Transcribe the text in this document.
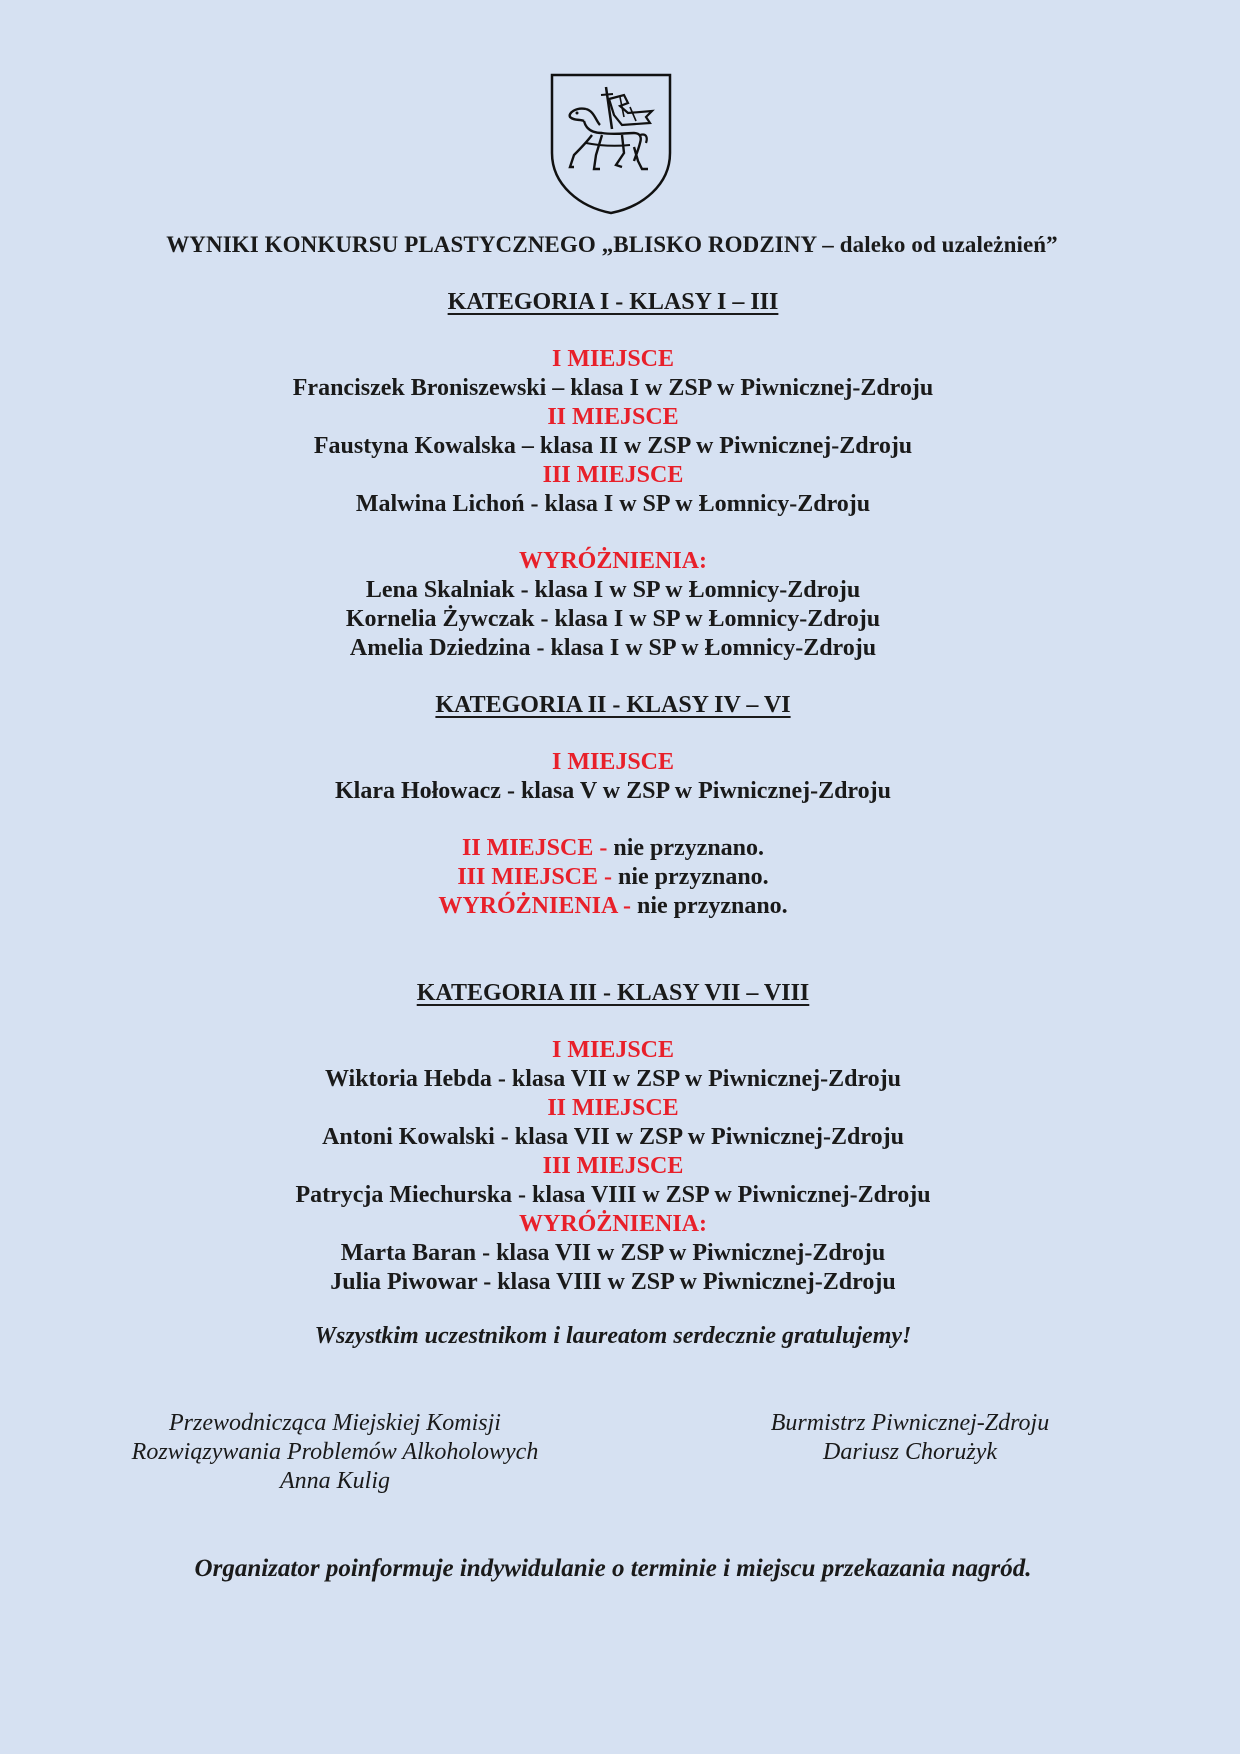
WYNIKI KONKURSU PLASTYCZNEGO „BLISKO RODZINY – daleko od uzależnień”
KATEGORIA I - KLASY I – III
I MIEJSCE
Franciszek Broniszewski – klasa I w ZSP w Piwnicznej-Zdroju
II MIEJSCE
Faustyna Kowalska – klasa II w ZSP w Piwnicznej-Zdroju
III MIEJSCE
Malwina Lichoń - klasa I w SP w Łomnicy-Zdroju
WYRÓŻNIENIA:
Lena Skalniak - klasa I w SP w Łomnicy-Zdroju
Kornelia Żywczak - klasa I w SP w Łomnicy-Zdroju
Amelia Dziedzina - klasa I w SP w Łomnicy-Zdroju
KATEGORIA II - KLASY IV – VI
I MIEJSCE
Klara Hołowacz - klasa V w ZSP w Piwnicznej-Zdroju
II MIEJSCE - nie przyznano.
III MIEJSCE - nie przyznano.
WYRÓŻNIENIA - nie przyznano.
KATEGORIA III - KLASY VII – VIII
I MIEJSCE
Wiktoria Hebda - klasa VII w ZSP w Piwnicznej-Zdroju
II MIEJSCE
Antoni Kowalski - klasa VII w ZSP w Piwnicznej-Zdroju
III MIEJSCE
Patrycja Miechurska - klasa VIII w ZSP w Piwnicznej-Zdroju
WYRÓŻNIENIA:
Marta Baran - klasa VII w ZSP w Piwnicznej-Zdroju
Julia Piwowar - klasa VIII w ZSP w Piwnicznej-Zdroju
Wszystkim uczestnikom i laureatom serdecznie gratulujemy!
Przewodnicząca Miejskiej Komisji
Rozwiązywania Problemów Alkoholowych
Anna Kulig
Burmistrz Piwnicznej-Zdroju
Dariusz Chorużyk
Organizator poinformuje indywidulanie o terminie i miejscu przekazania nagród.
